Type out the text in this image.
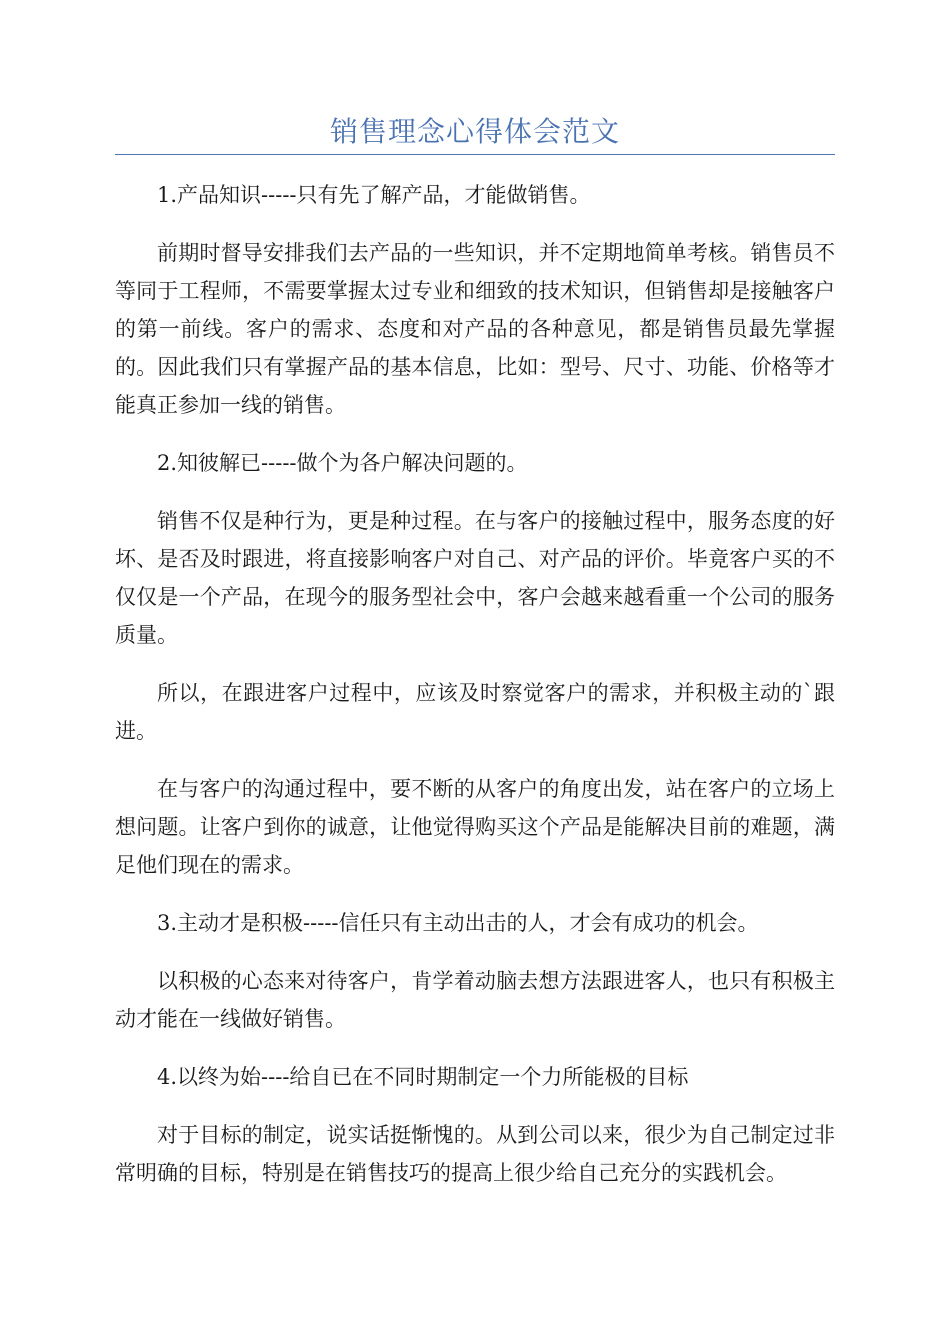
销售理念心得体会范文

1.产品知识-----只有先了解产品，才能做销售。

前期时督导安排我们去产品的一些知识，并不定期地简单考核。销售员不等同于工程师，不需要掌握太过专业和细致的技术知识，但销售却是接触客户的第一前线。客户的需求、态度和对产品的各种意见，都是销售员最先掌握的。因此我们只有掌握产品的基本信息，比如：型号、尺寸、功能、价格等才能真正参加一线的销售。

2.知彼解已-----做个为各户解决问题的。

销售不仅是种行为，更是种过程。在与客户的接触过程中，服务态度的好坏、是否及时跟进，将直接影响客户对自己、对产品的评价。毕竟客户买的不仅仅是一个产品，在现今的服务型社会中，客户会越来越看重一个公司的服务质量。

所以，在跟进客户过程中，应该及时察觉客户的需求，并积极主动的`跟进。

在与客户的沟通过程中，要不断的从客户的角度出发，站在客户的立场上想问题。让客户到你的诚意，让他觉得购买这个产品是能解决目前的难题，满足他们现在的需求。

3.主动才是积极-----信任只有主动出击的人，才会有成功的机会。

以积极的心态来对待客户，肯学着动脑去想方法跟进客人，也只有积极主动才能在一线做好销售。

4.以终为始----给自已在不同时期制定一个力所能极的目标

对于目标的制定，说实话挺惭愧的。从到公司以来，很少为自己制定过非常明确的目标，特别是在销售技巧的提高上很少给自己充分的实践机会。
